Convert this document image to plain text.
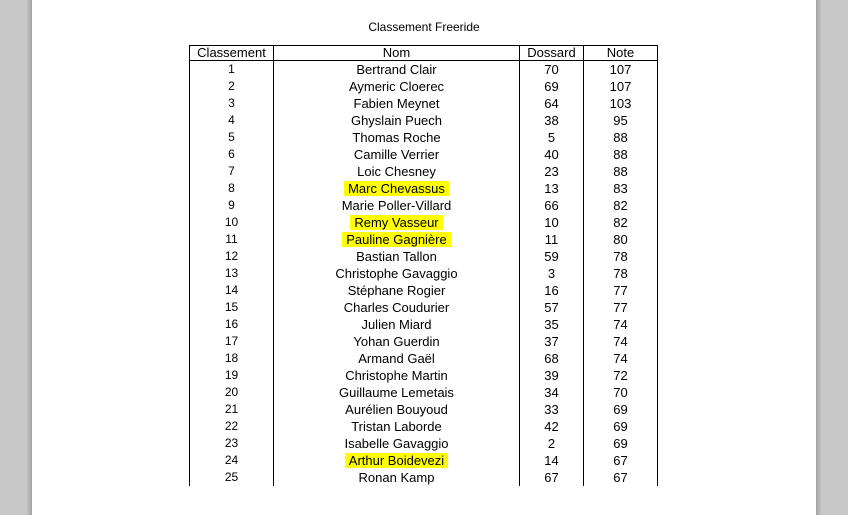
Classement Freeride
Classement	Nom	Dossard	Note
1	Bertrand Clair	70	107
2	Aymeric Cloerec	69	107
3	Fabien Meynet	64	103
4	Ghyslain Puech	38	95
5	Thomas Roche	5	88
6	Camille Verrier	40	88
7	Loic Chesney	23	88
8	Marc Chevassus	13	83
9	Marie Poller-Villard	66	82
10	Remy Vasseur	10	82
11	Pauline Gagnière	11	80
12	Bastian Tallon	59	78
13	Christophe Gavaggio	3	78
14	Stéphane Rogier	16	77
15	Charles Coudurier	57	77
16	Julien Miard	35	74
17	Yohan Guerdin	37	74
18	Armand Gaël	68	74
19	Christophe Martin	39	72
20	Guillaume Lemetais	34	70
21	Aurélien Bouyoud	33	69
22	Tristan Laborde	42	69
23	Isabelle Gavaggio	2	69
24	Arthur Boidevezi	14	67
25	Ronan Kamp	67	67
